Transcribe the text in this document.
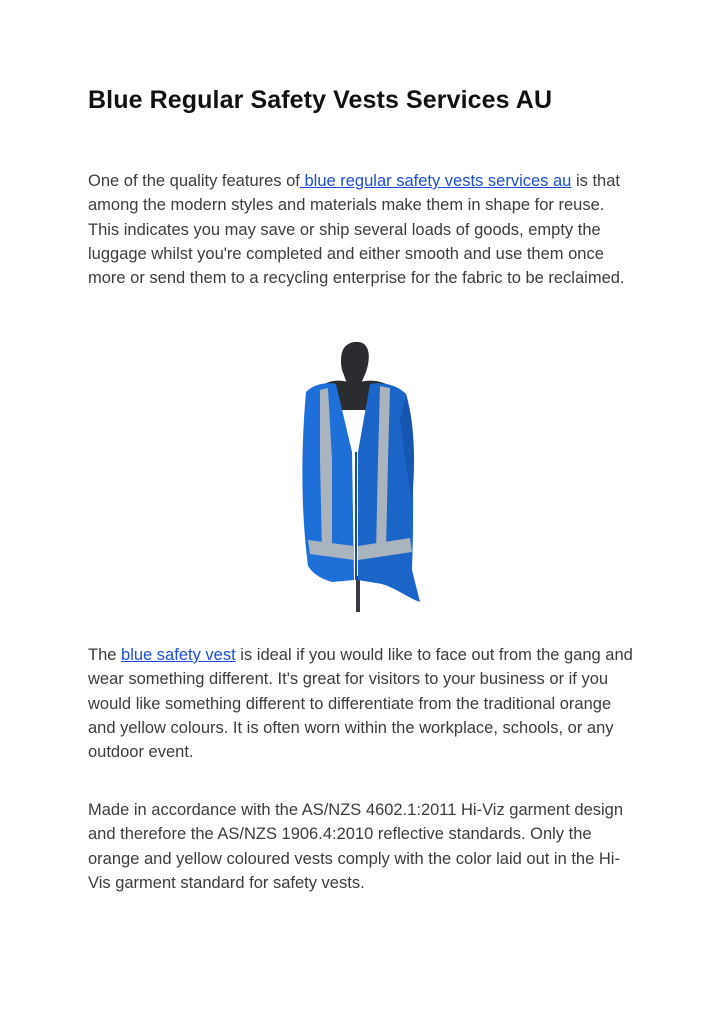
Blue Regular Safety Vests Services AU

One of the quality features of blue regular safety vests services au is that among the modern styles and materials make them in shape for reuse. This indicates you may save or ship several loads of goods, empty the luggage whilst you're completed and either smooth and use them once more or send them to a recycling enterprise for the fabric to be reclaimed.

The blue safety vest is ideal if you would like to face out from the gang and wear something different. It's great for visitors to your business or if you would like something different to differentiate from the traditional orange and yellow colours. It is often worn within the workplace, schools, or any outdoor event.

Made in accordance with the AS/NZS 4602.1:2011 Hi-Viz garment design and therefore the AS/NZS 1906.4:2010 reflective standards. Only the orange and yellow coloured vests comply with the color laid out in the Hi-Vis garment standard for safety vests.
